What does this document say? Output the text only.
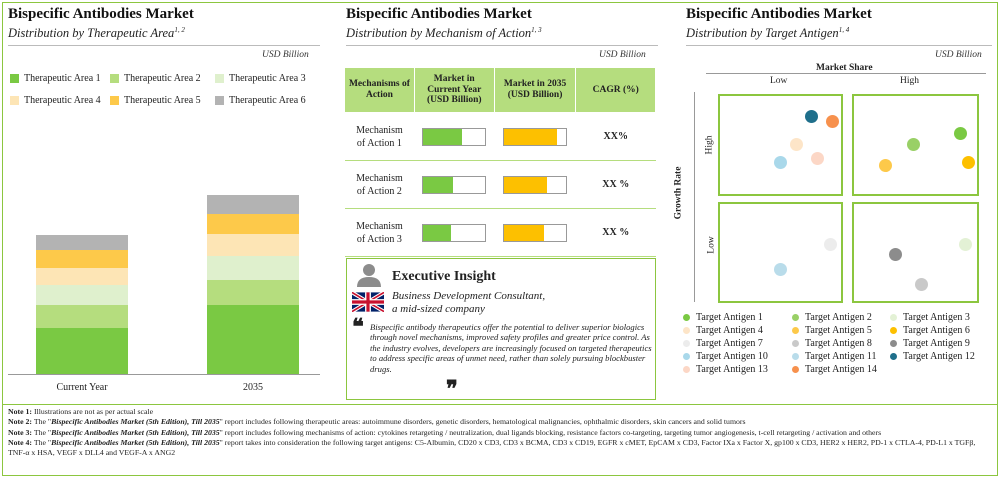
Bispecific Antibodies Market
Distribution by Therapeutic Area$^{1, 2}$
USD Billion
Therapeutic Area 1 Therapeutic Area 2	Therapeutic Area 3
Therapeutic Area 4 Therapeutic Area 5	Therapeutic Area 6
Current Year	2035
Bispecific Antibodies Market
Distribution by Mechanism of Action$^{1, 3}$
USD Billion
Mechanisms of Action	Market in Current Year (USD Billion)	Market in 2035 (USD Billion)	CAGR (%)
Mechanism
of Action 1			XX%
Mechanism
of Action 2			XX %
Mechanism
of Action 3			XX %
Executive Insight
Business Development Consultant,
a mid-sized company
❝ Bispecific antibody therapeutics offer the potential to deliver superior biologics through novel mechanisms, improved safety profiles and greater price control. As the industry evolves, developers are increasingly focused on targeted therapeutics to address specific areas of unmet need, rather than solely pursuing blockbuster drugs.
❞
Bispecific Antibodies Market
Distribution by Target Antigen$^{1, 4}$
USD Billion
Market Share
Low	High
Growth Rate
High
Low
Target Antigen 1	Target Antigen 2	Target Antigen 3
Target Antigen 4	Target Antigen 5	Target Antigen 6
Target Antigen 7	Target Antigen 8	Target Antigen 9
Target Antigen 10	Target Antigen 11	Target Antigen 12
Target Antigen 13	Target Antigen 14
Note 1: Illustrations are not as per actual scale
Note 2: The "Bispecific Antibodies Market (5th Edition), Till 2035" report includes following therapeutic areas: autoimmune disorders, genetic disorders, hematological malignancies, ophthalmic disorders, skin cancers and solid tumors
Note 3: The "Bispecific Antibodies Market (5th Edition), Till 2035" report includes following mechanisms of action: cytokines retargeting / neutralization, dual ligands blocking, resistance factors co-targeting, targeting tumor angiogenesis, t-cell retargeting / activation and others
Note 4: The "Bispecific Antibodies Market (5th Edition), Till 2035" report takes into consideration the following target antigens: C5-Albumin, CD20 x CD3, CD3 x BCMA, CD3 x CD19, EGFR x cMET, EpCAM x CD3, Factor IXa x Factor X, gp100 x CD3, HER2 x HER2, PD-1 x CTLA-4, PD-L1 x TGFβ, TNF-α x HSA, VEGF x DLL4 and VEGF-A x ANG2
